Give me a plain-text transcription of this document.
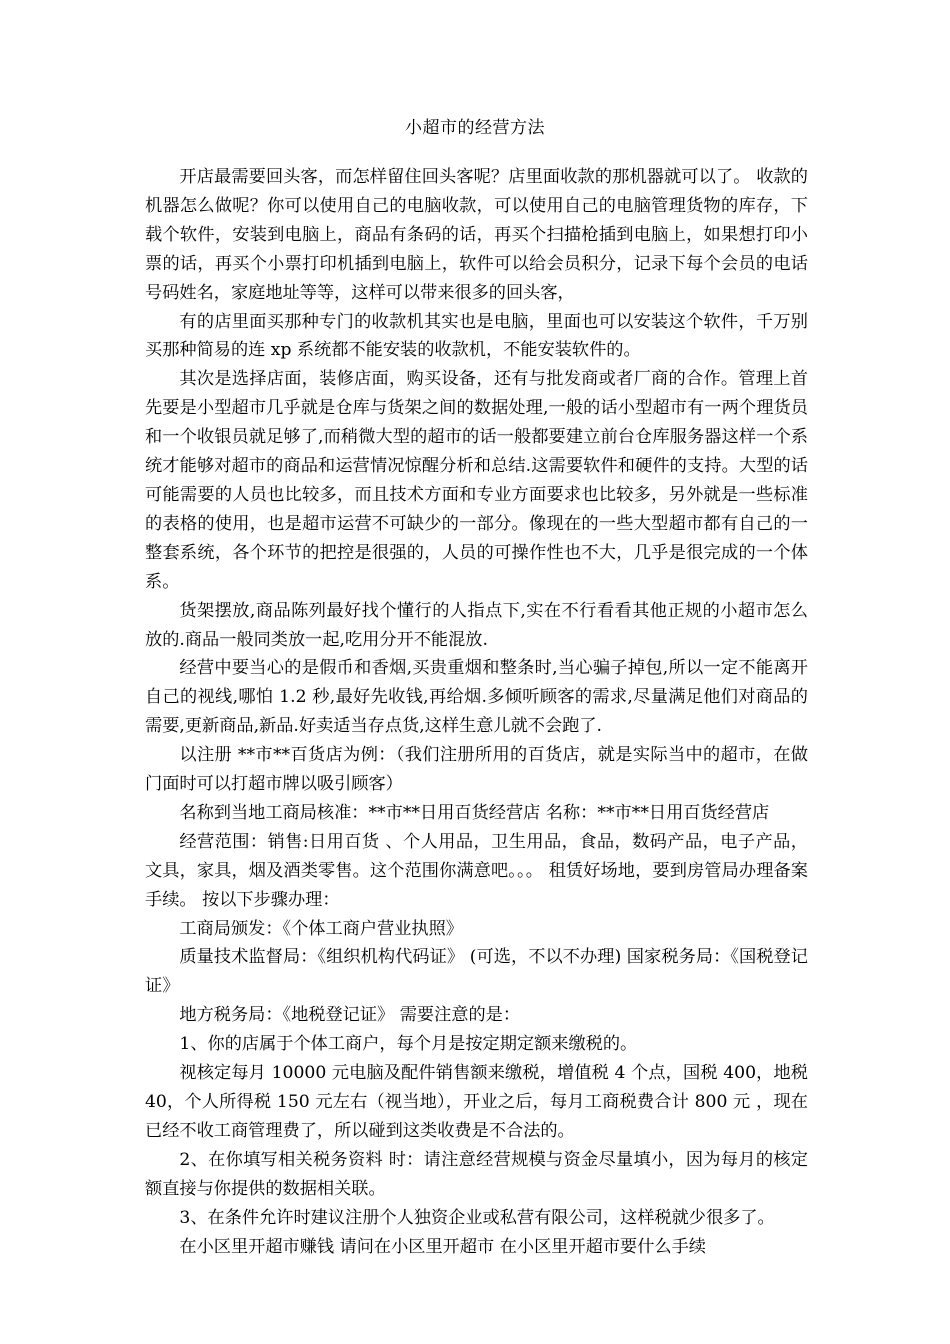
小超市的经营方法

开店最需要回头客，而怎样留住回头客呢？店里面收款的那机器就可以了。 收款的机器怎么做呢？你可以使用自己的电脑收款，可以使用自己的电脑管理货物的库存，下载个软件，安装到电脑上，商品有条码的话，再买个扫描枪插到电脑上，如果想打印小票的话，再买个小票打印机插到电脑上，软件可以给会员积分，记录下每个会员的电话号码姓名，家庭地址等等，这样可以带来很多的回头客，

有的店里面买那种专门的收款机其实也是电脑，里面也可以安装这个软件，千万别买那种简易的连 xp 系统都不能安装的收款机，不能安装软件的。

其次是选择店面，装修店面，购买设备，还有与批发商或者厂商的合作。管理上首先要是小型超市几乎就是仓库与货架之间的数据处理,一般的话小型超市有一两个理货员和一个收银员就足够了,而稍微大型的超市的话一般都要建立前台仓库服务器这样一个系统才能够对超市的商品和运营情况惊醒分析和总结.这需要软件和硬件的支持。大型的话可能需要的人员也比较多，而且技术方面和专业方面要求也比较多，另外就是一些标准的表格的使用，也是超市运营不可缺少的一部分。像现在的一些大型超市都有自己的一整套系统，各个环节的把控是很强的，人员的可操作性也不大，几乎是很完成的一个体系。

货架摆放,商品陈列最好找个懂行的人指点下,实在不行看看其他正规的小超市怎么放的.商品一般同类放一起,吃用分开不能混放.

经营中要当心的是假币和香烟,买贵重烟和整条时,当心骗子掉包,所以一定不能离开自己的视线,哪怕 1.2 秒,最好先收钱,再给烟.多倾听顾客的需求,尽量满足他们对商品的需要,更新商品,新品.好卖适当存点货,这样生意儿就不会跑了.

以注册 **市**百货店为例：（我们注册所用的百货店，就是实际当中的超市，在做门面时可以打超市牌以吸引顾客）

名称到当地工商局核准：**市**日用百货经营店 名称：**市**日用百货经营店

经营范围：销售:日用百货 、个人用品，卫生用品，食品，数码产品，电子产品，文具，家具，烟及酒类零售。这个范围你满意吧。。。 租赁好场地，要到房管局办理备案手续。 按以下步骤办理：

工商局颁发：《个体工商户营业执照》

质量技术监督局：《组织机构代码证》 (可选，不以不办理) 国家税务局：《国税登记证》

地方税务局：《地税登记证》 需要注意的是：

1、你的店属于个体工商户，每个月是按定期定额来缴税的。

视核定每月 10000 元电脑及配件销售额来缴税，增值税 4 个点，国税 400，地税 40，个人所得税 150 元左右（视当地），开业之后，每月工商税费合计 800 元 ，现在已经不收工商管理费了，所以碰到这类收费是不合法的。

2、在你填写相关税务资料 时：请注意经营规模与资金尽量填小，因为每月的核定额直接与你提供的数据相关联。

3、在条件允许时建议注册个人独资企业或私营有限公司，这样税就少很多了。

在小区里开超市赚钱 请问在小区里开超市 在小区里开超市要什么手续
